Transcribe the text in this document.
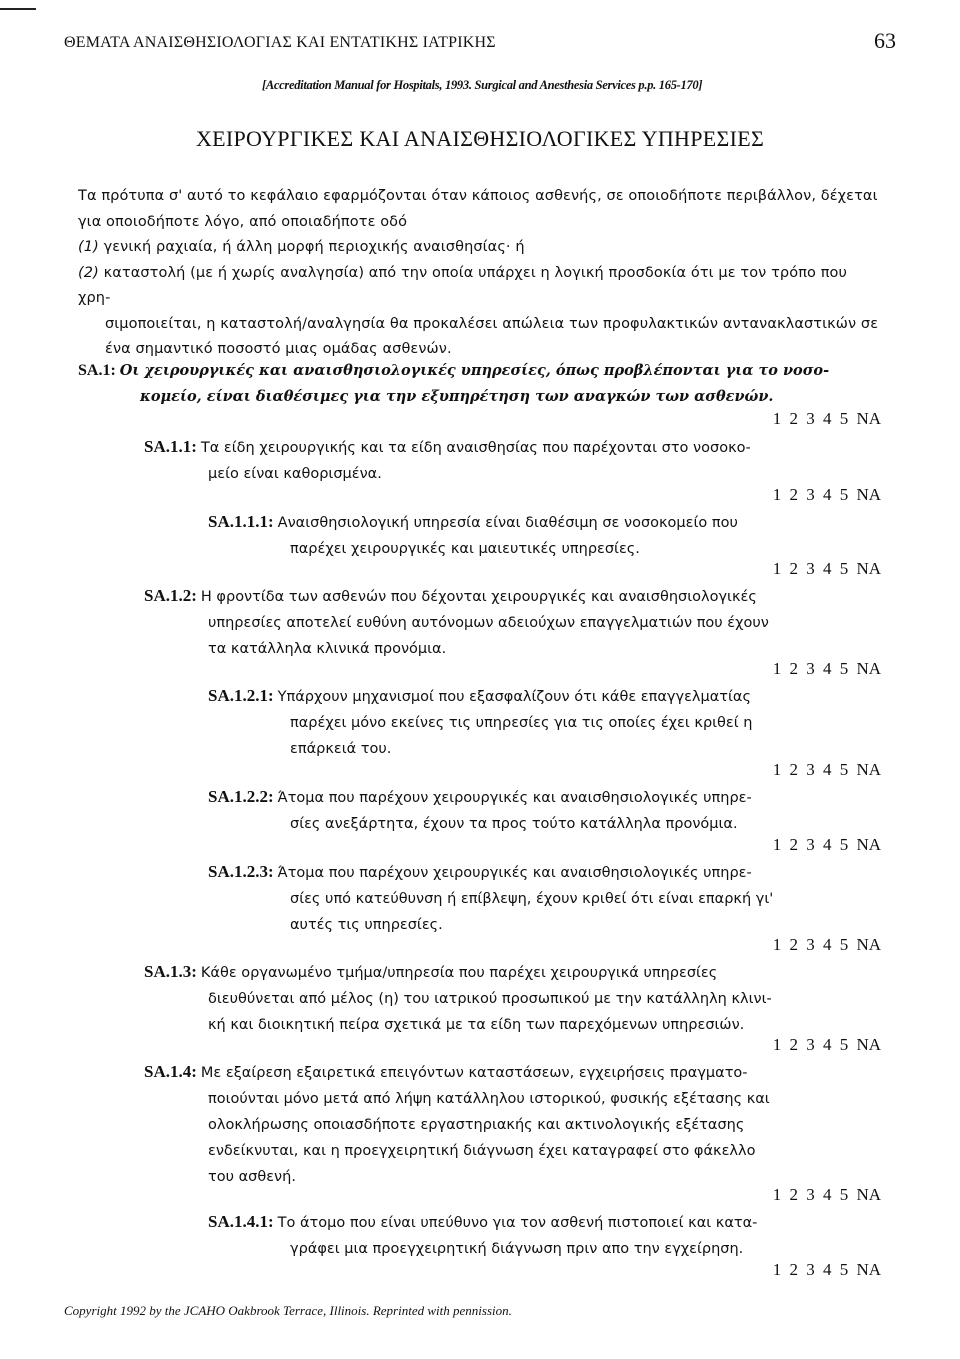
ΘΕΜΑΤΑ ΑΝΑΙΣΘΗΣΙΟΛΟΓΙΑΣ ΚΑΙ ΕΝΤΑΤΙΚΗΣ ΙΑΤΡΙΚΗΣ	63
[Accreditation Manual for Hospitals, 1993. Surgical and Anesthesia Services p.p. 165-170]
ΧΕΙΡΟΥΡΓΙΚΕΣ ΚΑΙ ΑΝΑΙΣΘΗΣΙΟΛΟΓΙΚΕΣ ΥΠΗΡΕΣΙΕΣ

Τα πρότυπα σ' αυτό το κεφάλαιο εφαρμόζονται όταν κάποιος ασθενής, σε οποιοδήποτε περιβάλλον, δέχεται

για οποιοδήποτε λόγο, από οποιαδήποτε οδό

(1) γενική ραχιαία, ή άλλη μορφή περιοχικής αναισθησίας· ή

(2) καταστολή (με ή χωρίς αναλγησία) από την οποία υπάρχει η λογική προσδοκία ότι με τον τρόπο που χρη-

σιμοποιείται, η καταστολή/αναλγησία θα προκαλέσει απώλεια των προφυλακτικών αντανακλαστικών σε

ένα σημαντικό ποσοστό μιας ομάδας ασθενών.

SA.1: Οι χειρουργικές και αναισθησιολογικές υπηρεσίες, όπως προβλέπονται για το νοσο-
κομείο, είναι διαθέσιμες για την εξυπηρέτηση των αναγκών των ασθενών.
1 2 3 4 5 NA
SA.1.1: Τα είδη χειρουργικής και τα είδη αναισθησίας που παρέχονται στο νοσοκο-
μείο είναι καθορισμένα.
1 2 3 4 5 NA
SA.1.1.1: Αναισθησιολογική υπηρεσία είναι διαθέσιμη σε νοσοκομείο που
παρέχει χειρουργικές και μαιευτικές υπηρεσίες.
1 2 3 4 5 NA
SA.1.2: Η φροντίδα των ασθενών που δέχονται χειρουργικές και αναισθησιολογικές
υπηρεσίες αποτελεί ευθύνη αυτόνομων αδειούχων επαγγελματιών που έχουν
τα κατάλληλα κλινικά προνόμια.
1 2 3 4 5 NA
SA.1.2.1: Υπάρχουν μηχανισμοί που εξασφαλίζουν ότι κάθε επαγγελματίας
παρέχει μόνο εκείνες τις υπηρεσίες για τις οποίες έχει κριθεί η
επάρκειά του.
1 2 3 4 5 NA
SA.1.2.2: Άτομα που παρέχουν χειρουργικές και αναισθησιολογικές υπηρε-
σίες ανεξάρτητα, έχουν τα προς τούτο κατάλληλα προνόμια.
1 2 3 4 5 NA
SA.1.2.3: Άτομα που παρέχουν χειρουργικές και αναισθησιολογικές υπηρε-
σίες υπό κατεύθυνση ή επίβλεψη, έχουν κριθεί ότι είναι επαρκή γι'
αυτές τις υπηρεσίες.
1 2 3 4 5 NA
SA.1.3: Κάθε οργανωμένο τμήμα/υπηρεσία που παρέχει χειρουργικά υπηρεσίες
διευθύνεται από μέλος (η) του ιατρικού προσωπικού με την κατάλληλη κλινι-
κή και διοικητική πείρα σχετικά με τα είδη των παρεχόμενων υπηρεσιών.
1 2 3 4 5 NA
SA.1.4: Με εξαίρεση εξαιρετικά επειγόντων καταστάσεων, εγχειρήσεις πραγματο-
ποιούνται μόνο μετά από λήψη κατάλληλου ιστορικού, φυσικής εξέτασης και
ολοκλήρωσης οποιασδήποτε εργαστηριακής και ακτινολογικής εξέτασης
ενδείκνυται, και η προεγχειρητική διάγνωση έχει καταγραφεί στο φάκελλο
του ασθενή.
1 2 3 4 5 NA
SA.1.4.1: Το άτομο που είναι υπεύθυνο για τον ασθενή πιστοποιεί και κατα-
γράφει μια προεγχειρητική διάγνωση πριν απο την εγχείρηση.
1 2 3 4 5 NA
Copyright 1992 by the JCAHO Oakbrook Terrace, Illinois. Reprinted with pennission.
